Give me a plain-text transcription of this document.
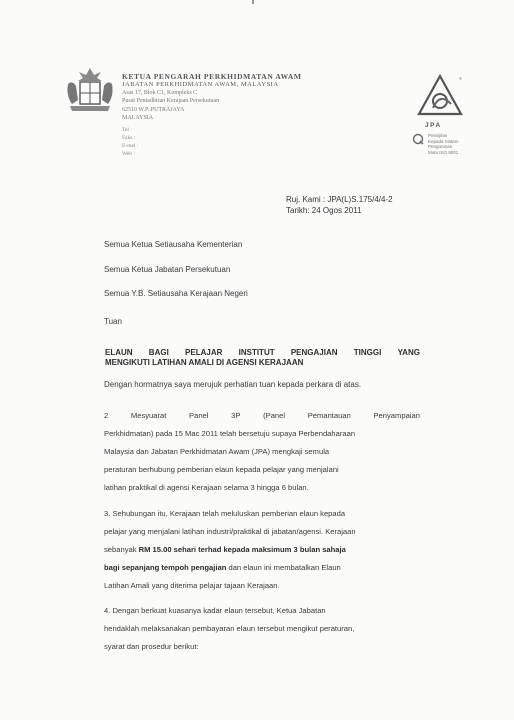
KETUA PENGARAH PERKHIDMATAN AWAM
JABATAN PERKHIDMATAN AWAM, MALAYSIA
Aras 17, Blok C1, Kompleks C
Pusat Pentadbiran Kerajaan Persekutuan
62510 W.P. PUTRAJAYA
MALAYSIA
Tel :
Faks :
E-mel :
Web :
®
JPA
Pensijilan
Kepada Sistem
Pengurusan
Mutu ISO 9001
Ruj. Kami : JPA(L)S.175/4/4-2
Tarikh: 24 Ogos 2011
Semua Ketua Setiausaha Kementerian
Semua Ketua Jabatan Persekutuan
Semua Y.B. Setiausaha Kerajaan Negeri
Tuan
ELAUN BAGI PELAJAR INSTITUT PENGAJIAN TINGGI YANG
MENGIKUTI LATIHAN AMALI DI AGENSI KERAJAAN
Dengan hormatnya saya merujuk perhatian tuan kepada perkara di atas.
2	Mesyuarat	Panel	3P	(Panel	Pemantauan	Penyampaian
Perkhidmatan) pada 15 Mac 2011 telah bersetuju supaya Perbendaharaan
Malaysia dan Jabatan Perkhidmatan Awam (JPA) mengkaji semula
peraturan berhubung pemberian elaun kepada pelajar yang menjalani
latihan praktikal di agensi Kerajaan selama 3 hingga 6 bulan.
3. Sehubungan itu, Kerajaan telah meluluskan pemberian elaun kepada
pelajar yang menjalani latihan industri/praktikal di jabatan/agensi. Kerajaan
sebanyak RM 15.00 sehari terhad kepada maksimum 3 bulan sahaja
bagi sepanjang tempoh pengajian dan elaun ini membatalkan Elaun
Latihan Amali yang diterima pelajar tajaan Kerajaan.
4. Dengan berkuat kuasanya kadar elaun tersebut, Ketua Jabatan
hendaklah melaksanakan pembayaran elaun tersebut mengikut peraturan,
syarat dan prosedur berikut:
